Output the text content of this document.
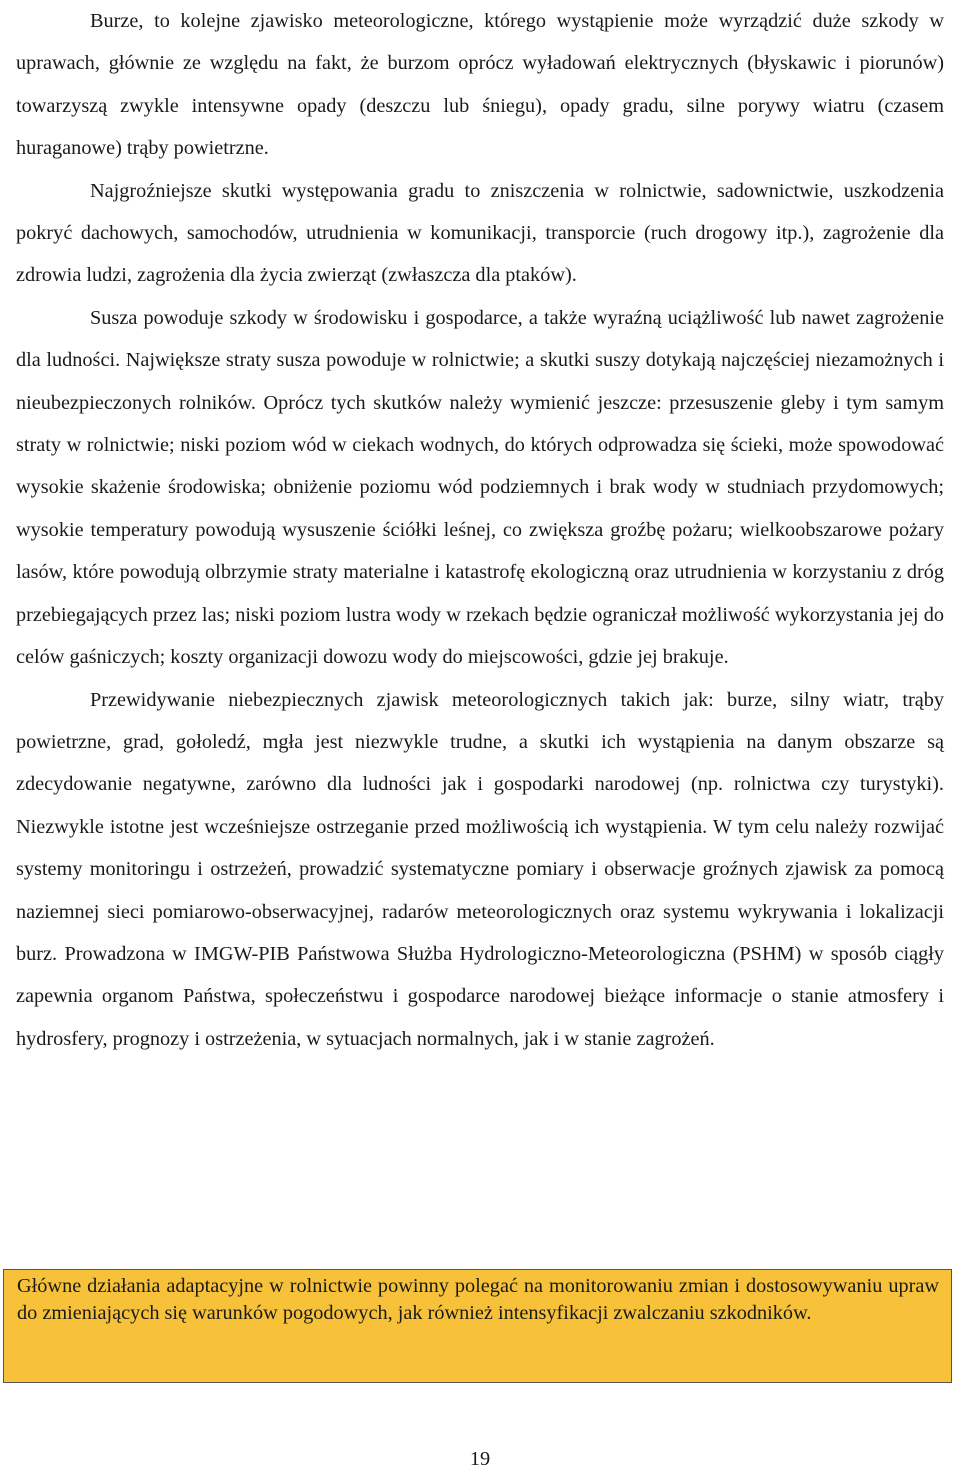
Burze, to kolejne zjawisko meteorologiczne, którego wystąpienie może wyrządzić duże szkody w uprawach, głównie ze względu na fakt, że burzom oprócz wyładowań elektrycznych (błyskawic i piorunów) towarzyszą zwykle intensywne opady (deszczu lub śniegu), opady gradu, silne porywy wiatru (czasem huraganowe) trąby powietrzne.

Najgroźniejsze skutki występowania gradu to zniszczenia w rolnictwie, sadownictwie, uszkodzenia pokryć dachowych, samochodów, utrudnienia w komunikacji, transporcie (ruch drogowy itp.), zagrożenie dla zdrowia ludzi, zagrożenia dla życia zwierząt (zwłaszcza dla ptaków).

Susza powoduje szkody w środowisku i gospodarce, a także wyraźną uciążliwość lub nawet zagrożenie dla ludności. Największe straty susza powoduje w rolnictwie; a skutki suszy dotykają najczęściej niezamożnych i nieubezpieczonych rolników. Oprócz tych skutków należy wymienić jeszcze: przesuszenie gleby i tym samym straty w rolnictwie; niski poziom wód w ciekach wodnych, do których odprowadza się ścieki, może spowodować wysokie skażenie środowiska; obniżenie poziomu wód podziemnych i brak wody w studniach przydomowych; wysokie temperatury powodują wysuszenie ściółki leśnej, co zwiększa groźbę pożaru; wielkoobszarowe pożary lasów, które powodują olbrzymie straty materialne i katastrofę ekologiczną oraz utrudnienia w korzystaniu z dróg przebiegających przez las; niski poziom lustra wody w rzekach będzie ograniczał możliwość wykorzystania jej do celów gaśniczych; koszty organizacji dowozu wody do miejscowości, gdzie jej brakuje.

Przewidywanie niebezpiecznych zjawisk meteorologicznych takich jak: burze, silny wiatr, trąby powietrzne, grad, gołoledź, mgła jest niezwykle trudne, a skutki ich wystąpienia na danym obszarze są zdecydowanie negatywne, zarówno dla ludności jak i gospodarki narodowej (np. rolnictwa czy turystyki). Niezwykle istotne jest wcześniejsze ostrzeganie przed możliwością ich wystąpienia. W tym celu należy rozwijać systemy monitoringu i ostrzeżeń, prowadzić systematyczne pomiary i obserwacje groźnych zjawisk za pomocą naziemnej sieci pomiarowo-obserwacyjnej, radarów meteorologicznych oraz systemu wykrywania i lokalizacji burz. Prowadzona w IMGW-PIB Państwowa Służba Hydrologiczno-Meteorologiczna (PSHM) w sposób ciągły zapewnia organom Państwa, społeczeństwu i gospodarce narodowej bieżące informacje o stanie atmosfery i hydrosfery, prognozy i ostrzeżenia, w sytuacjach normalnych, jak i w stanie zagrożeń.

Główne działania adaptacyjne w rolnictwie powinny polegać na monitorowaniu zmian i dostosowywaniu upraw do zmieniających się warunków pogodowych, jak również intensyfikacji zwalczaniu szkodników.

19
